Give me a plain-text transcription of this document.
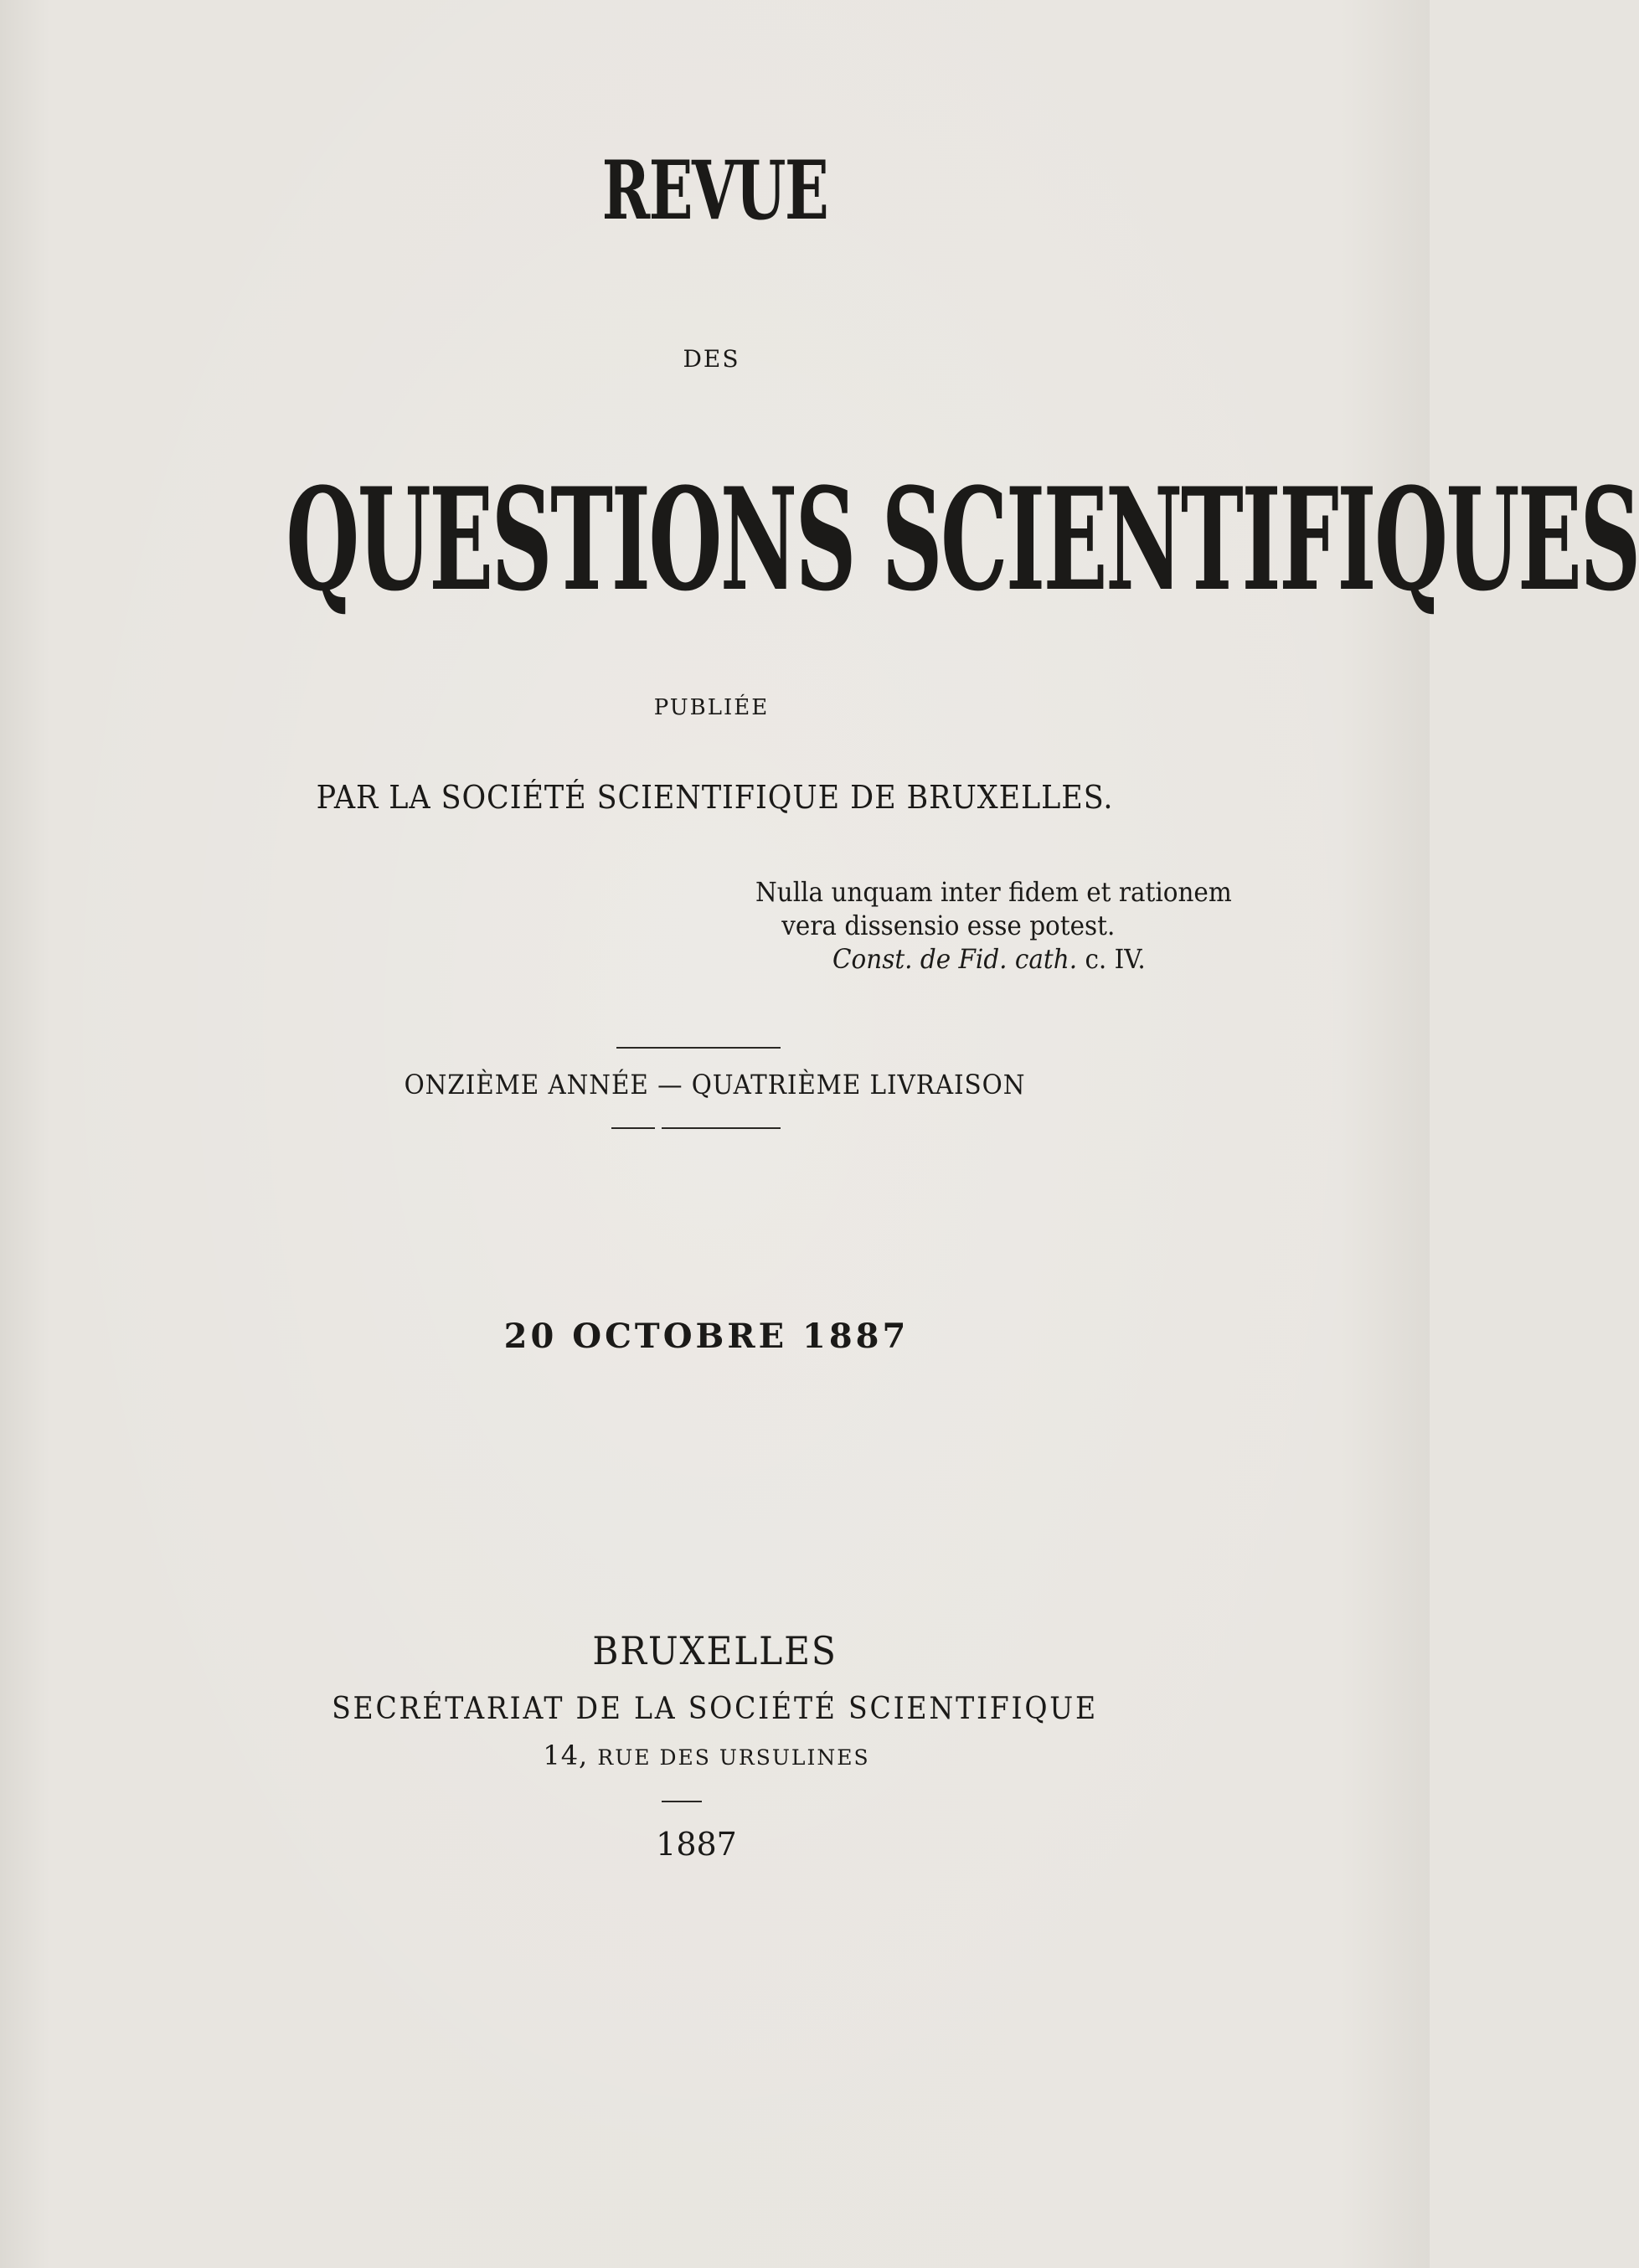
REVUE
DES
QUESTIONS SCIENTIFIQUES
PUBLIÉE
PAR LA SOCIÉTÉ SCIENTIFIQUE DE BRUXELLES.
Nulla unquam inter fidem et rationem
vera dissensio esse potest.
Const. de Fid. cath. c. IV.
ONZIÈME ANNÉE — QUATRIÈME LIVRAISON
20 OCTOBRE 1887
BRUXELLES
SECRÉTARIAT DE LA SOCIÉTÉ SCIENTIFIQUE
14, RUE DES URSULINES
1887
